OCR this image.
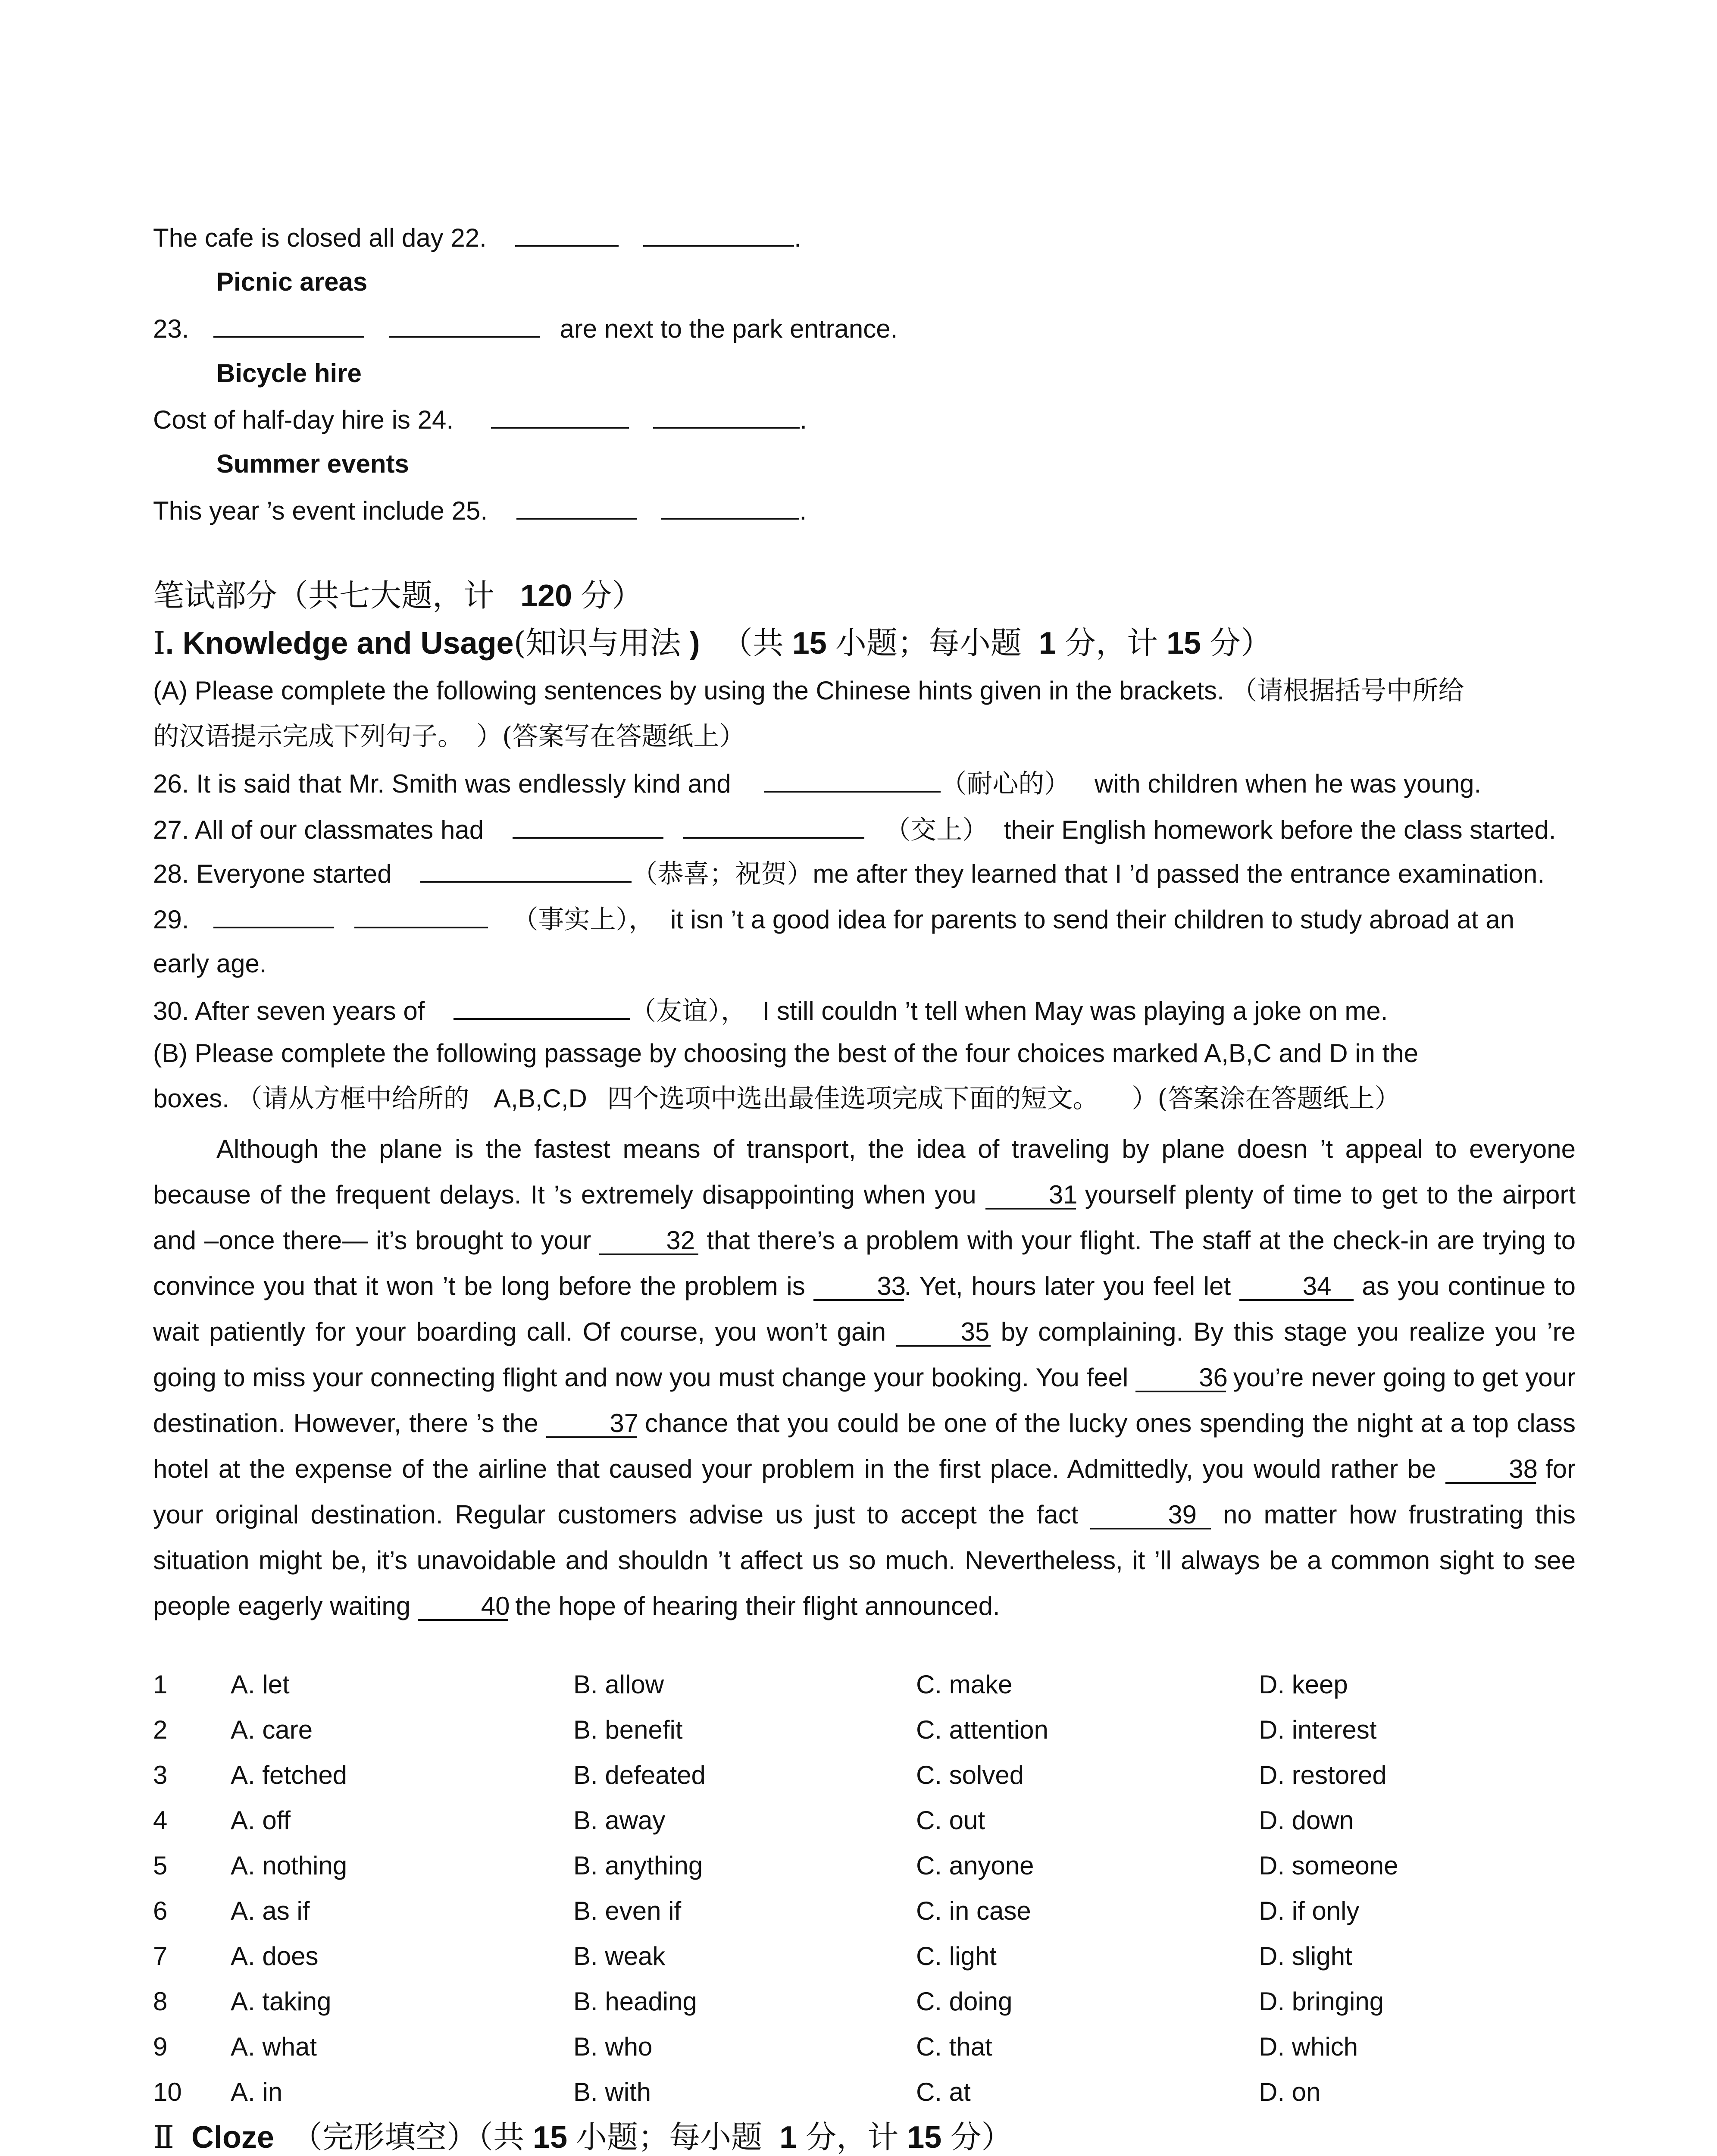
The cafe is closed all day 22.	.
Picnic areas
23.	are next to the park entrance.
Bicycle hire
Cost of half-day hire is 24.	.
Summer events
This year ’s event include 25.	.
笔试部分（共七大题，计 120 分）
Ⅰ. Knowledge and Usage(知识与用法 ) （共 15 小题；每小题 1 分，计 15 分）
(A) Please complete the following sentences by using the Chinese hints given in the brackets. （请根据括号中所给
的汉语提示完成下列句子。 ）(答案写在答题纸上）
26. It is said that Mr. Smith was endlessly kind and	（耐心的） with children when he was young.
27. All of our classmates had	（交上） their English homework before the class started.
28. Everyone started	（恭喜；祝贺）me after they learned that I ’d passed the entrance examination.
29.	（事实上）， it isn ’t a good idea for parents to send their children to study abroad at an
early age.
30. After seven years of	（友谊）， I still couldn ’t tell when May was playing a joke on me.
(B) Please complete the following passage by choosing the best of the four choices marked A,B,C and D in the
boxes. （请从方框中给所的 A,B,C,D 四个选项中选出最佳选项完成下面的短文。 ）(答案涂在答题纸上）

Although the plane is the fastest means of transport, the idea of traveling by plane doesn ’t appeal to everyone because of the frequent delays. It ’s extremely disappointing when you	31 yourself plenty of time to get to the airport and –once there— it’s brought to your	32 that there’s a problem with your flight. The staff at the check-in are trying to convince you that it won ’t be long before the problem is	33. Yet, hours later you feel let	34 as you continue to wait patiently for your boarding call. Of course, you won’t gain	35 by complaining. By this stage you realize you ’re going to miss your connecting flight and now you must change your booking. You feel	36 you’re never going to get your destination. However, there ’s the	37 chance that you could be one of the lucky ones spending the night at a top class hotel at the expense of the airline that caused your problem in the first place. Admittedly, you would rather be	38 for your original destination. Regular customers advise us just to accept the fact	39 no matter how frustrating this situation might be, it’s unavoidable and shouldn ’t affect us so much. Nevertheless, it ’ll always be a common sight to see people eagerly waiting	40 the hope of hearing their flight announced.

1 A. let	B. allow	C. make	D. keep
2 A. care	B. benefit	C. attention	D. interest
3 A. fetched	B. defeated	C. solved	D. restored
4 A. off	B. away	C. out	D. down
5 A. nothing	B. anything	C. anyone	D. someone
6 A. as if	B. even if	C. in case	D. if only
7 A. does	B. weak	C. light	D. slight
8 A. taking	B. heading	C. doing	D. bringing
9 A. what	B. who	C. that	D. which
10 A. in	B. with	C. at	D. on
Ⅱ Cloze （完形填空）（共 15 小题；每小题 1 分，计 15 分）
